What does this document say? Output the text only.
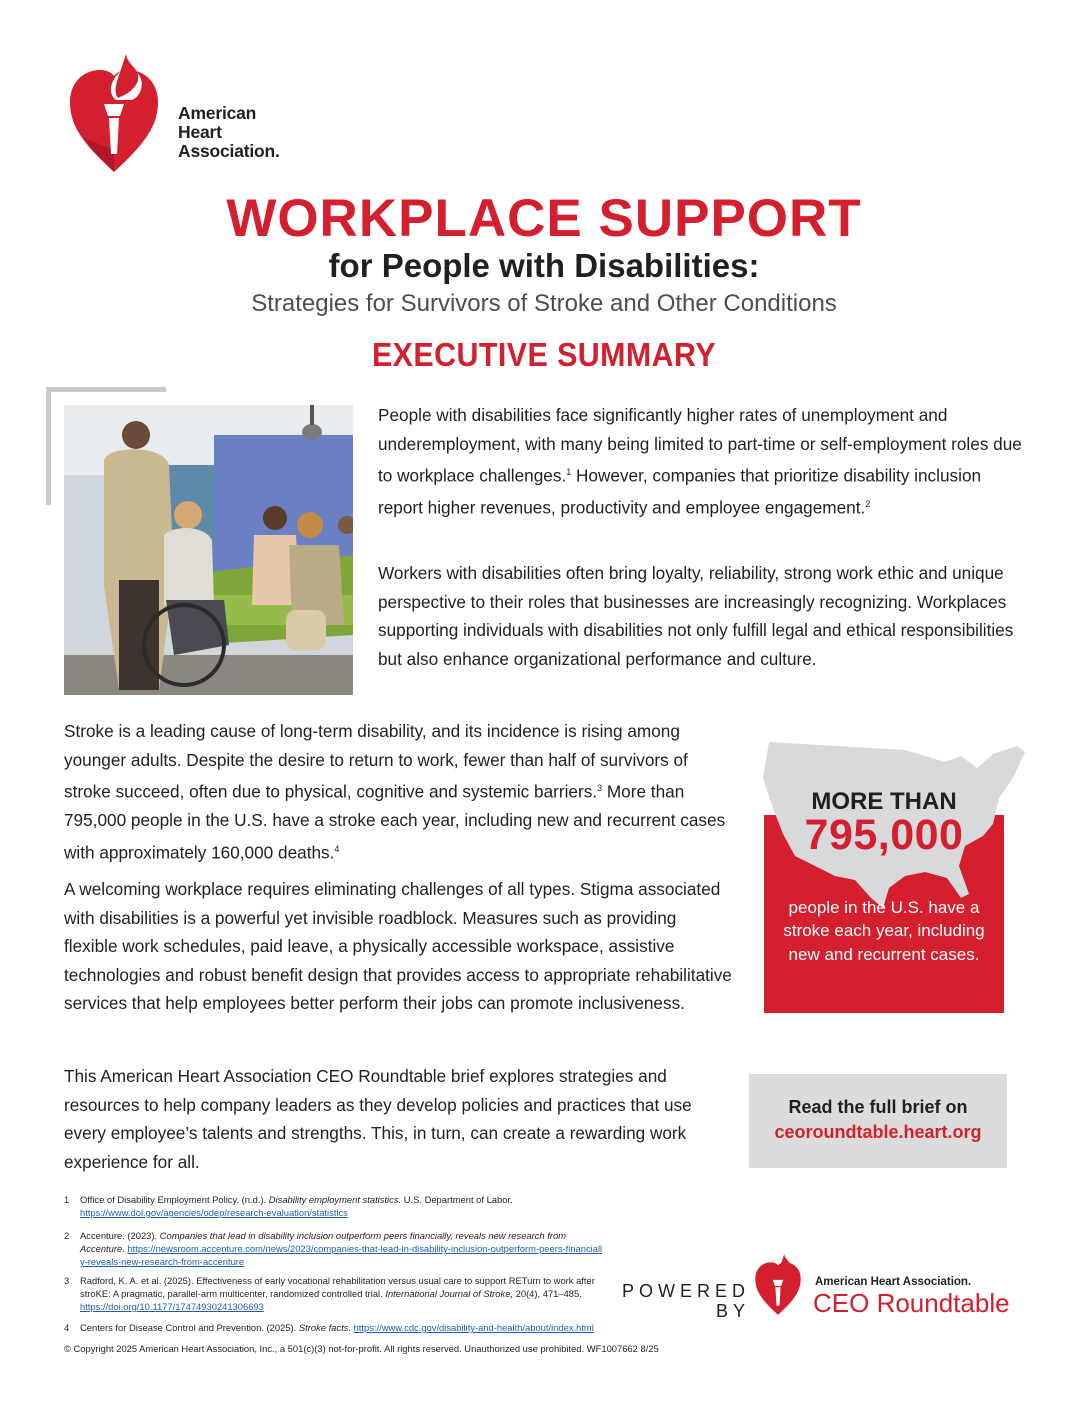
American
Heart
Association.
WORKPLACE SUPPORT
for People with Disabilities:
Strategies for Survivors of Stroke and Other Conditions
EXECUTIVE SUMMARY
People with disabilities face significantly higher rates of unemployment and underemployment, with many being limited to part-time or self-employment roles due to workplace challenges.$^1$ However, companies that prioritize disability inclusion report higher revenues, productivity and employee engagement.$^2$
Workers with disabilities often bring loyalty, reliability, strong work ethic and unique perspective to their roles that businesses are increasingly recognizing. Workplaces supporting individuals with disabilities not only fulfill legal and ethical responsibilities but also enhance organizational performance and culture.
Stroke is a leading cause of long-term disability, and its incidence is rising among younger adults. Despite the desire to return to work, fewer than half of survivors of stroke succeed, often due to physical, cognitive and systemic barriers.$^3$ More than 795,000 people in the U.S. have a stroke each year, including new and recurrent cases with approximately 160,000 deaths.$^4$
A welcoming workplace requires eliminating challenges of all types. Stigma associated with disabilities is a powerful yet invisible roadblock. Measures such as providing flexible work schedules, paid leave, a physically accessible workspace, assistive technologies and robust benefit design that provides access to appropriate rehabilitative services that help employees better perform their jobs can promote inclusiveness.
This American Heart Association CEO Roundtable brief explores strategies and resources to help company leaders as they develop policies and practices that use every employee’s talents and strengths. This, in turn, can create a rewarding work experience for all.
MORE THAN
795,000
people in the U.S. have a stroke each year, including new and recurrent cases.
Read the full brief on
ceoroundtable.heart.org
1 Office of Disability Employment Policy. (n.d.). Disability employment statistics. U.S. Department of Labor. https://www.dol.gov/agencies/odep/research-evaluation/statistics
2 Accenture. (2023). Companies that lead in disability inclusion outperform peers financially, reveals new research from Accenture. https://newsroom.accenture.com/news/2023/companies-that-lead-in-disability-inclusion-outperform-peers-financially-reveals-new-research-from-accenture
3 Radford, K. A. et al. (2025). Effectiveness of early vocational rehabilitation versus usual care to support RETurn to work after stroKE: A pragmatic, parallel-arm multicenter, randomized controlled trial. International Journal of Stroke, 20(4), 471–485. https://doi.org/10.1177/17474930241306693
4 Centers for Disease Control and Prevention. (2025). Stroke facts. https://www.cdc.gov/disability-and-health/about/index.html
© Copyright 2025 American Heart Association, Inc., a 501(c)(3) not-for-profit. All rights reserved. Unauthorized use prohibited. WF1007662 8/25
POWERED
BY
American Heart Association.
CEO Roundtable
